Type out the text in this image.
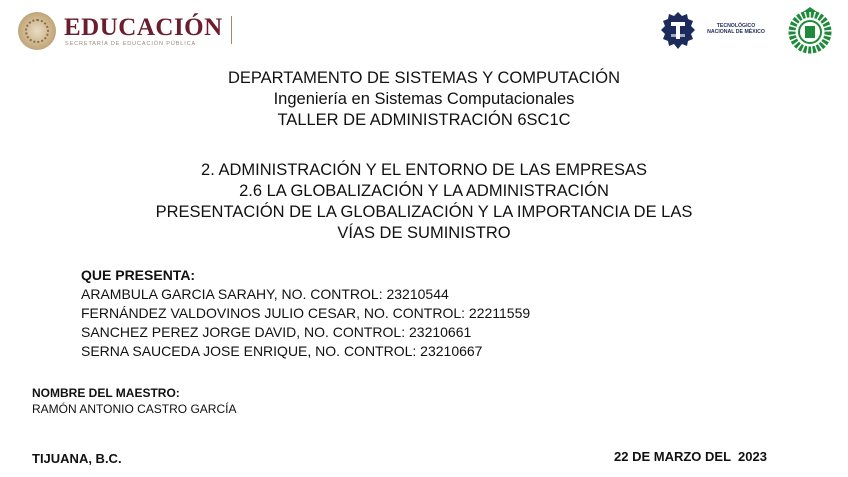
EDUCACIÓN
SECRETARÍA DE EDUCACIÓN PÚBLICA
TECNOLÓGICO
NACIONAL DE MÉXICO
DEPARTAMENTO DE SISTEMAS Y COMPUTACIÓN
Ingeniería en Sistemas Computacionales
TALLER DE ADMINISTRACIÓN 6SC1C
2. ADMINISTRACIÓN Y EL ENTORNO DE LAS EMPRESAS
2.6 LA GLOBALIZACIÓN Y LA ADMINISTRACIÓN
PRESENTACIÓN DE LA GLOBALIZACIÓN Y LA IMPORTANCIA DE LAS
VÍAS DE SUMINISTRO
QUE PRESENTA:
ARAMBULA GARCIA SARAHY, NO. CONTROL: 23210544
FERNÁNDEZ VALDOVINOS JULIO CESAR, NO. CONTROL: 22211559
SANCHEZ PEREZ JORGE DAVID, NO. CONTROL: 23210661
SERNA SAUCEDA JOSE ENRIQUE, NO. CONTROL: 23210667
NOMBRE DEL MAESTRO:
RAMÓN ANTONIO CASTRO GARCÍA
TIJUANA, B.C.	22 DE MARZO DEL  2023
